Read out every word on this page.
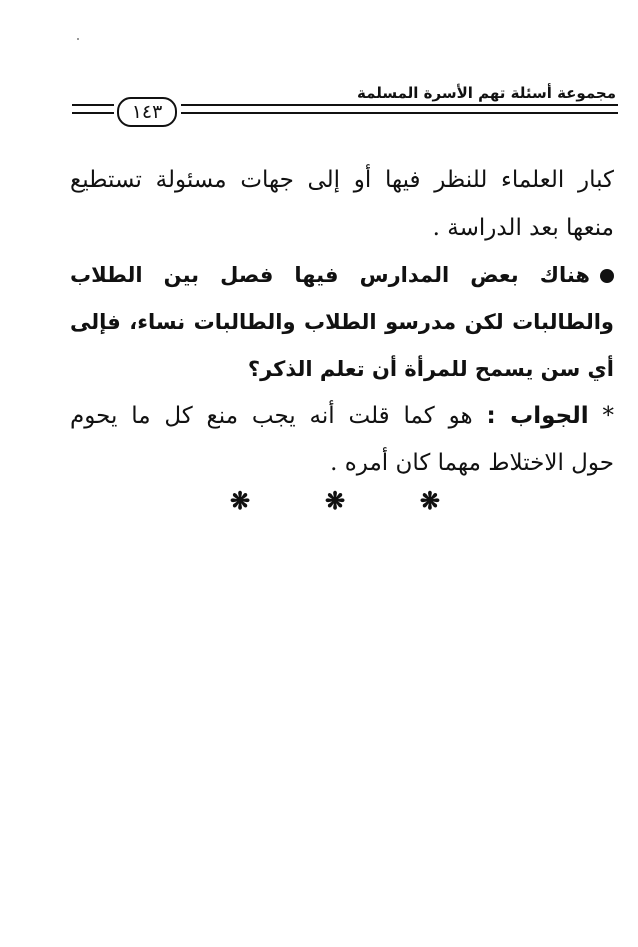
مجموعة أسئلة تهم الأسرة المسلمة
١٤٣
كبار العلماء للنظر فيها أو إلى جهات مسئولة تستطيع
منعها بعد الدراسة .
هناك بعض المدارس فيها فصل بين الطلاب
والطالبات لكن مدرسو الطلاب والطالبات نساء، فإلى
أي سن يسمح للمرأة أن تعلم الذكر؟
* الجواب : هو كما قلت أنه يجب منع كل ما يحوم
حول الاختلاط مهما كان أمره .
❋	❋	❋
